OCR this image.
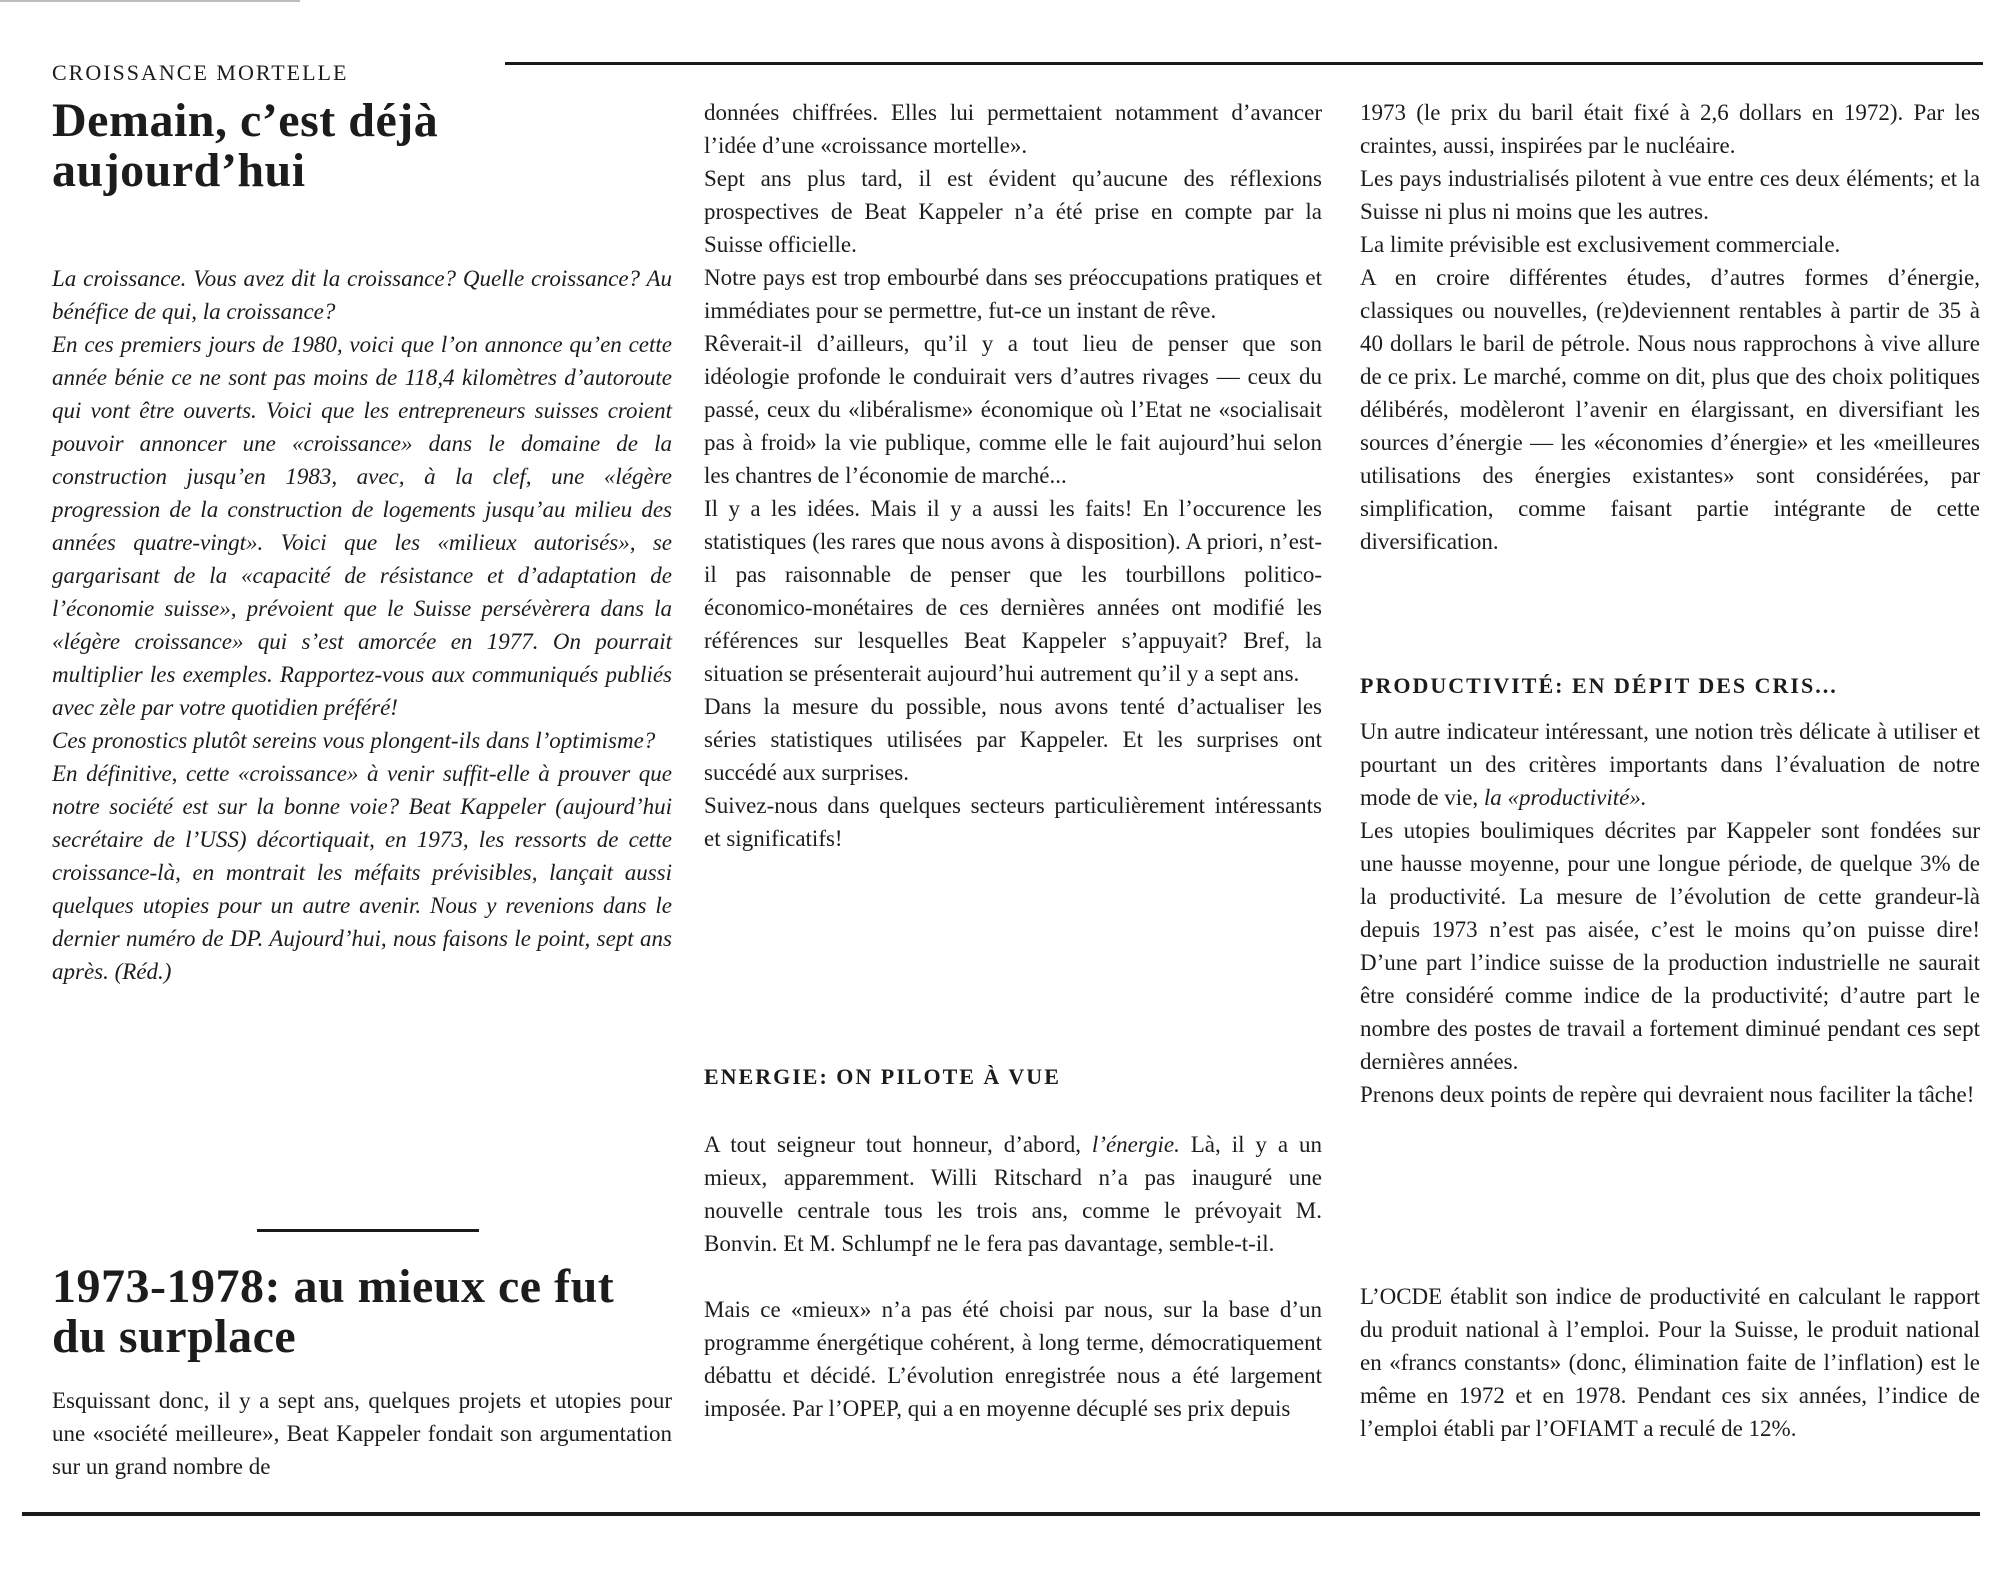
CROISSANCE MORTELLE

Demain, c’est déjà aujourd’hui

La croissance. Vous avez dit la croissance? Quelle croissance? Au bénéfice de qui, la croissance?

En ces premiers jours de 1980, voici que l’on annonce qu’en cette année bénie ce ne sont pas moins de 118,4 kilomètres d’autoroute qui vont être ouverts. Voici que les entrepreneurs suisses croient pouvoir annoncer une «croissance» dans le domaine de la construction jusqu’en 1983, avec, à la clef, une «légère progression de la construction de logements jusqu’au milieu des années quatre-vingt». Voici que les «milieux autorisés», se gargarisant de la «capacité de résistance et d’adaptation de l’économie suisse», prévoient que le Suisse persévèrera dans la «légère croissance» qui s’est amorcée en 1977. On pourrait multiplier les exemples. Rapportez-vous aux communiqués publiés avec zèle par votre quotidien préféré!

Ces pronostics plutôt sereins vous plongent-ils dans l’optimisme?

En définitive, cette «croissance» à venir suffit-elle à prouver que notre société est sur la bonne voie? Beat Kappeler (aujourd’hui secrétaire de l’USS) décortiquait, en 1973, les ressorts de cette croissance-là, en montrait les méfaits prévisibles, lançait aussi quelques utopies pour un autre avenir. Nous y revenions dans le dernier numéro de DP. Aujourd’hui, nous faisons le point, sept ans après. (Réd.)

1973-1978: au mieux ce fut du surplace

Esquissant donc, il y a sept ans, quelques projets et utopies pour une «société meilleure», Beat Kappeler fondait son argumentation sur un grand nombre de

données chiffrées. Elles lui permettaient notamment d’avancer l’idée d’une «croissance mortelle».

Sept ans plus tard, il est évident qu’aucune des réflexions prospectives de Beat Kappeler n’a été prise en compte par la Suisse officielle.

Notre pays est trop embourbé dans ses préoccupations pratiques et immédiates pour se permettre, fut-ce un instant de rêve.

Rêverait-il d’ailleurs, qu’il y a tout lieu de penser que son idéologie profonde le conduirait vers d’autres rivages — ceux du passé, ceux du «libéralisme» économique où l’Etat ne «socialisait pas à froid» la vie publique, comme elle le fait aujourd’hui selon les chantres de l’économie de marché...

Il y a les idées. Mais il y a aussi les faits! En l’occurence les statistiques (les rares que nous avons à disposition). A priori, n’est-il pas raisonnable de penser que les tourbillons politico-économico-monétaires de ces dernières années ont modifié les références sur lesquelles Beat Kappeler s’appuyait? Bref, la situation se présenterait aujourd’hui autrement qu’il y a sept ans.

Dans la mesure du possible, nous avons tenté d’actualiser les séries statistiques utilisées par Kappeler. Et les surprises ont succédé aux surprises.

Suivez-nous dans quelques secteurs particulièrement intéressants et significatifs!

ENERGIE: ON PILOTE À VUE

A tout seigneur tout honneur, d’abord, l’énergie. Là, il y a un mieux, apparemment. Willi Ritschard n’a pas inauguré une nouvelle centrale tous les trois ans, comme le prévoyait M. Bonvin. Et M. Schlumpf ne le fera pas davantage, semble-t-il.

Mais ce «mieux» n’a pas été choisi par nous, sur la base d’un programme énergétique cohérent, à long terme, démocratiquement débattu et décidé. L’évolution enregistrée nous a été largement imposée. Par l’OPEP, qui a en moyenne décuplé ses prix depuis

1973 (le prix du baril était fixé à 2,6 dollars en 1972). Par les craintes, aussi, inspirées par le nucléaire.

Les pays industrialisés pilotent à vue entre ces deux éléments; et la Suisse ni plus ni moins que les autres.

La limite prévisible est exclusivement commerciale.

A en croire différentes études, d’autres formes d’énergie, classiques ou nouvelles, (re)deviennent rentables à partir de 35 à 40 dollars le baril de pétrole. Nous nous rapprochons à vive allure de ce prix. Le marché, comme on dit, plus que des choix politiques délibérés, modèleront l’avenir en élargissant, en diversifiant les sources d’énergie — les «économies d’énergie» et les «meilleures utilisations des énergies existantes» sont considérées, par simplification, comme faisant partie intégrante de cette diversification.

PRODUCTIVITÉ: EN DÉPIT DES CRIS...

Un autre indicateur intéressant, une notion très délicate à utiliser et pourtant un des critères importants dans l’évaluation de notre mode de vie, la «productivité».

Les utopies boulimiques décrites par Kappeler sont fondées sur une hausse moyenne, pour une longue période, de quelque 3% de la productivité. La mesure de l’évolution de cette grandeur-là depuis 1973 n’est pas aisée, c’est le moins qu’on puisse dire! D’une part l’indice suisse de la production industrielle ne saurait être considéré comme indice de la productivité; d’autre part le nombre des postes de travail a fortement diminué pendant ces sept dernières années.

Prenons deux points de repère qui devraient nous faciliter la tâche!

L’OCDE établit son indice de productivité en calculant le rapport du produit national à l’emploi. Pour la Suisse, le produit national en «francs constants» (donc, élimination faite de l’inflation) est le même en 1972 et en 1978. Pendant ces six années, l’indice de l’emploi établi par l’OFIAMT a reculé de 12%.
